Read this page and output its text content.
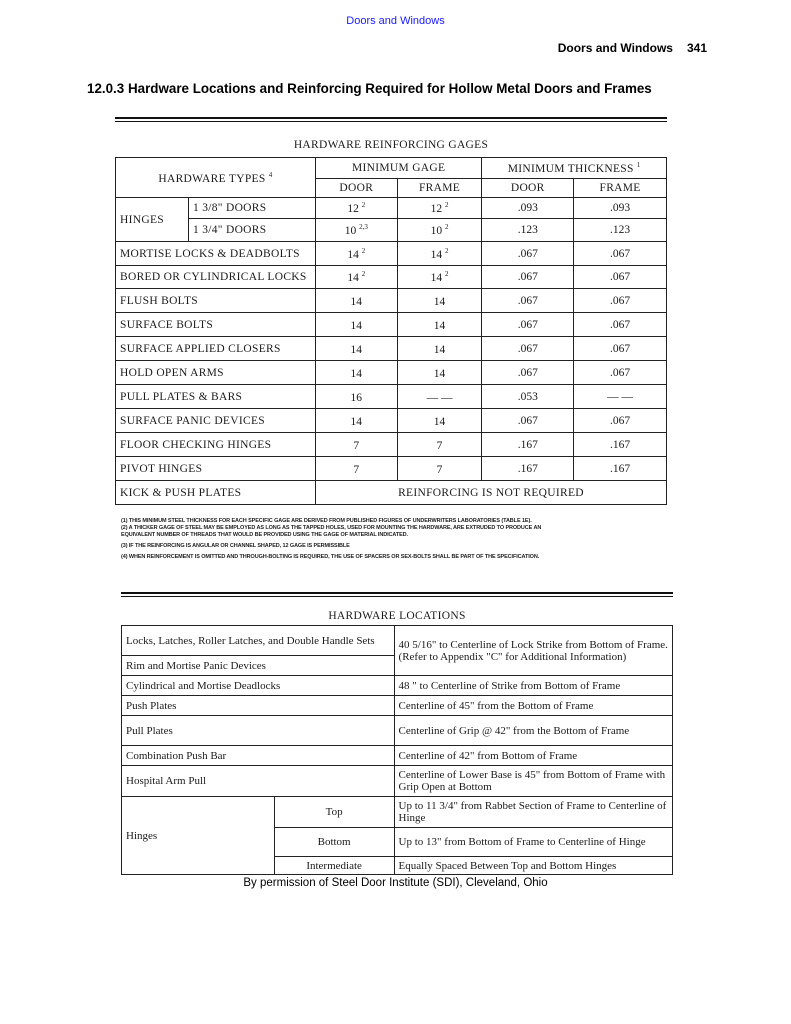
Doors and Windows
Doors and Windows 341
12.0.3 Hardware Locations and Reinforcing Required for Hollow Metal Doors and Frames
HARDWARE REINFORCING GAGES
HARDWARE TYPES $^4$		MINIMUM GAGE		MINIMUM THICKNESS $^1$
		DOOR	FRAME	DOOR	FRAME
HINGES	1 3/8" DOORS	12 $^2$	12 $^2$	.093	.093
	1 3/4" DOORS	10 $^{2,3}$	10 $^2$	.123	.123
MORTISE LOCKS & DEADBOLTS		14 $^2$	14 $^2$	.067	.067
BORED OR CYLINDRICAL LOCKS		14 $^2$	14 $^2$	.067	.067
FLUSH BOLTS		14	14	.067	.067
SURFACE BOLTS		14	14	.067	.067
SURFACE APPLIED CLOSERS		14	14	.067	.067
HOLD OPEN ARMS		14	14	.067	.067
PULL PLATES & BARS		16	— —	.053	— —
SURFACE PANIC DEVICES		14	14	.067	.067
FLOOR CHECKING HINGES		7	7	.167	.167
PIVOT HINGES		7	7	.167	.167
KICK & PUSH PLATES		REINFORCING IS NOT REQUIRED			
(1) THIS MINIMUM STEEL THICKNESS FOR EACH SPECIFIC GAGE ARE DERIVED FROM PUBLISHED FIGURES OF UNDERWRITERS LABORATORIES (TABLE 1E).
(2) A THICKER GAGE OF STEEL MAY BE EMPLOYED AS LONG AS THE TAPPED HOLES, USED FOR MOUNTING THE HARDWARE, ARE EXTRUDED TO PRODUCE AN
EQUIVALENT NUMBER OF THREADS THAT WOULD BE PROVIDED USING THE GAGE OF MATERIAL INDICATED.
(3) IF THE REINFORCING IS ANGULAR OR CHANNEL SHAPED, 12 GAGE IS PERMISSIBLE
(4) WHEN REINFORCEMENT IS OMITTED AND THROUGH-BOLTING IS REQUIRED, THE USE OF SPACERS OR SEX-BOLTS SHALL BE PART OF THE SPECIFICATION.
HARDWARE LOCATIONS
Locks, Latches, Roller Latches, and Double Handle Sets		40 5/16" to Centerline of Lock Strike from Bottom of Frame. (Refer to Appendix "C" for Additional Information)
Rim and Mortise Panic Devices		
Cylindrical and Mortise Deadlocks		48 " to Centerline of Strike from Bottom of Frame
Push Plates		Centerline of 45" from the Bottom of Frame
Pull Plates		Centerline of Grip @ 42" from the Bottom of Frame
Combination Push Bar		Centerline of 42" from Bottom of Frame
Hospital Arm Pull		Centerline of Lower Base is 45" from Bottom of Frame with Grip Open at Bottom
Hinges	Top	Up to 11 3/4" from Rabbet Section of Frame to Centerline of Hinge
	Bottom	Up to 13" from Bottom of Frame to Centerline of Hinge
	Intermediate	Equally Spaced Between Top and Bottom Hinges
By permission of Steel Door Institute (SDI), Cleveland, Ohio
